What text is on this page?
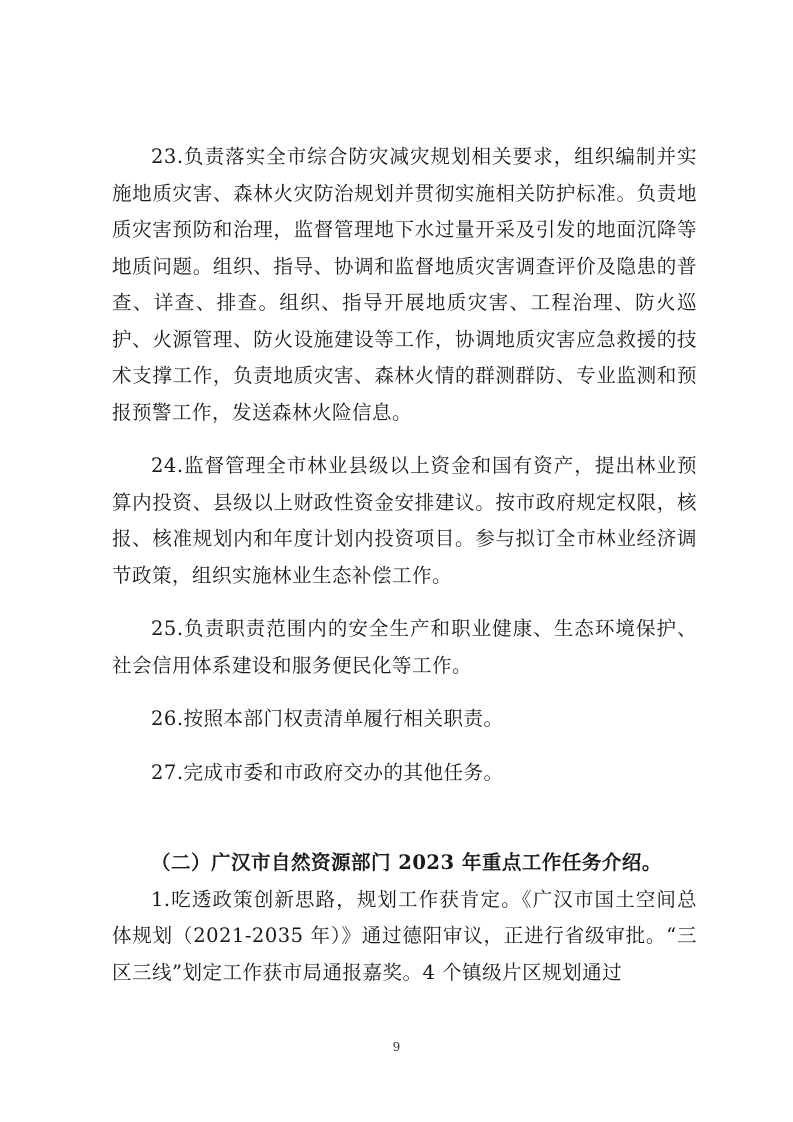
23.负责落实全市综合防灾减灾规划相关要求，组织编制并实施地质灾害、森林火灾防治规划并贯彻实施相关防护标准。负责地质灾害预防和治理，监督管理地下水过量开采及引发的地面沉降等地质问题。组织、指导、协调和监督地质灾害调查评价及隐患的普查、详查、排查。组织、指导开展地质灾害、工程治理、防火巡护、火源管理、防火设施建设等工作，协调地质灾害应急救援的技术支撑工作，负责地质灾害、森林火情的群测群防、专业监测和预报预警工作，发送森林火险信息。

24.监督管理全市林业县级以上资金和国有资产，提出林业预算内投资、县级以上财政性资金安排建议。按市政府规定权限，核报、核准规划内和年度计划内投资项目。参与拟订全市林业经济调节政策，组织实施林业生态补偿工作。

25.负责职责范围内的安全生产和职业健康、生态环境保护、社会信用体系建设和服务便民化等工作。

26.按照本部门权责清单履行相关职责。

27.完成市委和市政府交办的其他任务。

（二）广汉市自然资源部门 2023 年重点工作任务介绍。

1.吃透政策创新思路，规划工作获肯定。《广汉市国土空间总体规划（2021-2035 年）》通过德阳审议，正进行省级审批。“三区三线”划定工作获市局通报嘉奖。4 个镇级片区规划通过

9
